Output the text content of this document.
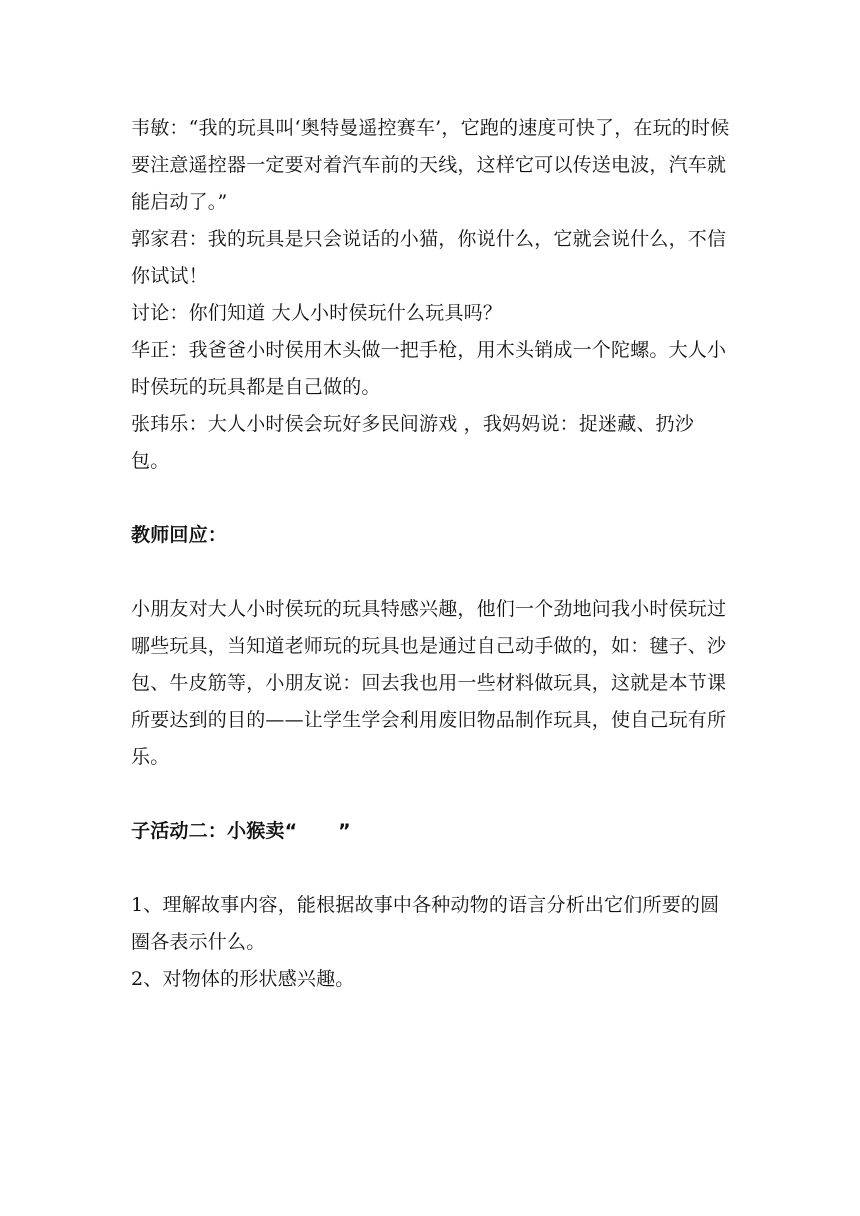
韦敏：“我的玩具叫‘奥特曼遥控赛车’，它跑的速度可快了，在玩的时候要注意遥控器一定要对着汽车前的天线，这样它可以传送电波，汽车就能启动了。”

郭家君：我的玩具是只会说话的小猫，你说什么，它就会说什么，不信你试试！

讨论：你们知道 大人小时侯玩什么玩具吗？

华正：我爸爸小时侯用木头做一把手枪，用木头销成一个陀螺。大人小时侯玩的玩具都是自己做的。

张玮乐：大人小时侯会玩好多民间游戏 ，我妈妈说：捉迷藏、扔沙包。

教师回应：

小朋友对大人小时侯玩的玩具特感兴趣，他们一个劲地问我小时侯玩过哪些玩具，当知道老师玩的玩具也是通过自己动手做的，如：毽子、沙包、牛皮筋等，小朋友说：回去我也用一些材料做玩具，这就是本节课所要达到的目的——让学生学会利用废旧物品制作玩具，使自己玩有所乐。

子活动二：小猴卖“      ”

1、理解故事内容，能根据故事中各种动物的语言分析出它们所要的圆圈各表示什么。

2、对物体的形状感兴趣。
